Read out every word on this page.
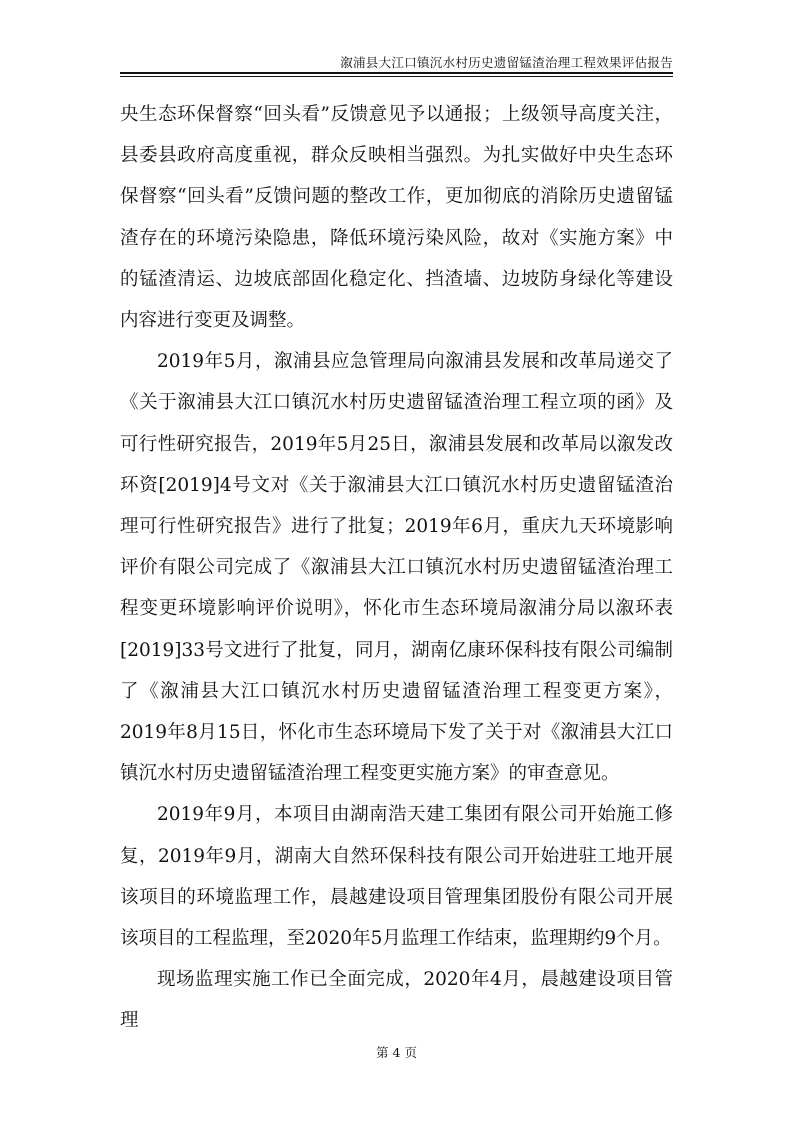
溆浦县大江口镇沉水村历史遗留锰渣治理工程效果评估报告

央生态环保督察“回头看”反馈意见予以通报；上级领导高度关注，县委县政府高度重视，群众反映相当强烈。为扎实做好中央生态环保督察“回头看”反馈问题的整改工作，更加彻底的消除历史遗留锰渣存在的环境污染隐患，降低环境污染风险，故对《实施方案》中的锰渣清运、边坡底部固化稳定化、挡渣墙、边坡防身绿化等建设内容进行变更及调整。

2019年5月，溆浦县应急管理局向溆浦县发展和改革局递交了《关于溆浦县大江口镇沉水村历史遗留锰渣治理工程立项的函》及可行性研究报告，2019年5月25日，溆浦县发展和改革局以溆发改环资[2019]4号文对《关于溆浦县大江口镇沉水村历史遗留锰渣治理可行性研究报告》进行了批复；2019年6月，重庆九天环境影响评价有限公司完成了《溆浦县大江口镇沉水村历史遗留锰渣治理工程变更环境影响评价说明》，怀化市生态环境局溆浦分局以溆环表[2019]33号文进行了批复，同月，湖南亿康环保科技有限公司编制了《溆浦县大江口镇沉水村历史遗留锰渣治理工程变更方案》，2019年8月15日，怀化市生态环境局下发了关于对《溆浦县大江口镇沉水村历史遗留锰渣治理工程变更实施方案》的审查意见。

2019年9月，本项目由湖南浩天建工集团有限公司开始施工修复，2019年9月，湖南大自然环保科技有限公司开始进驻工地开展该项目的环境监理工作，晨越建设项目管理集团股份有限公司开展该项目的工程监理，至2020年5月监理工作结束，监理期约9个月。

现场监理实施工作已全面完成，2020年4月，晨越建设项目管理

第 4 页
